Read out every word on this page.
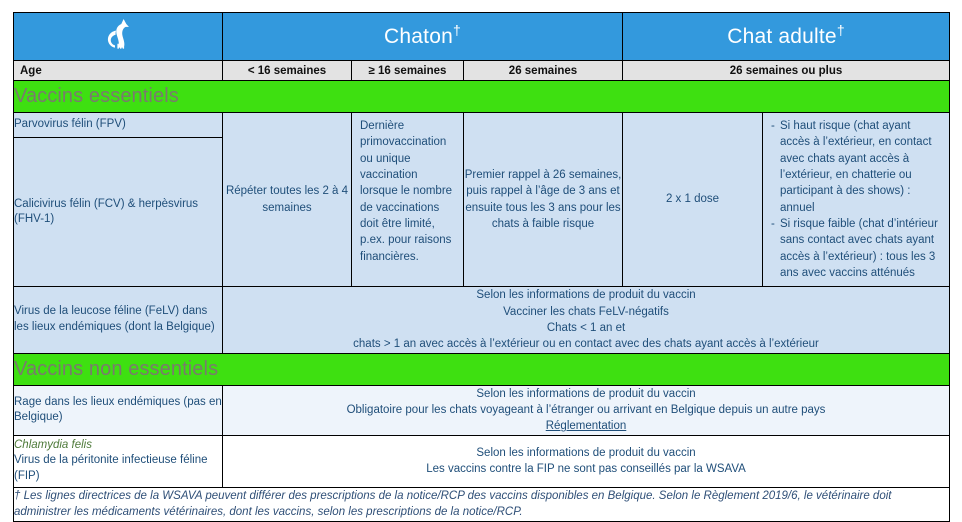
	Chaton†			Chat adulte†
Age	< 16 semaines	≥ 16 semaines	26 semaines	26 semaines ou plus	
Vaccins essentiels					
Parvovirus félin (FPV)	Répéter toutes les 2 à 4 semaines	Dernière primovaccination ou unique vaccination lorsque le nombre de vaccinations doit être limité, p.ex. pour raisons financières.	Premier rappel à 26 semaines, puis rappel à l’âge de 3 ans et ensuite tous les 3 ans pour les chats à faible risque	2 x 1 dose	
- Si haut risque (chat ayant accès à l’extérieur, en contact avec chats ayant accès à l’extérieur, en chatterie ou participant à des shows) : annuel
- Si risque faible (chat d’intérieur sans contact avec chats ayant accès à l’extérieur) : tous les 3 ans avec vaccins atténués

Calicivirus félin (FCV) & herpèsvirus (FHV-1)					
Virus de la leucose féline (FeLV) dans les lieux endémiques (dont la Belgique)	Selon les informations de produit du vaccin
Vacciner les chats FeLV-négatifs
Chats < 1 an et
chats > 1 an avec accès à l’extérieur ou en contact avec des chats ayant accès à l’extérieur				

Vaccins non essentiels					
Rage dans les lieux endémiques (pas en Belgique)	Selon les informations de produit du vaccin
Obligatoire pour les chats voyageant à l’étranger ou arrivant en Belgique depuis un autre pays
Réglementation				

Chlamydia felis
Virus de la péritonite infectieuse féline (FIP)

Selon les informations de produit du vaccin
Les vaccins contre la FIP ne sont pas conseillés par la WSAVA

† Les lignes directrices de la WSAVA peuvent différer des prescriptions de la notice/RCP des vaccins disponibles en Belgique. Selon le Règlement 2019/6, le vétérinaire doit administrer les médicaments vétérinaires, dont les vaccins, selon les prescriptions de la notice/RCP.					
